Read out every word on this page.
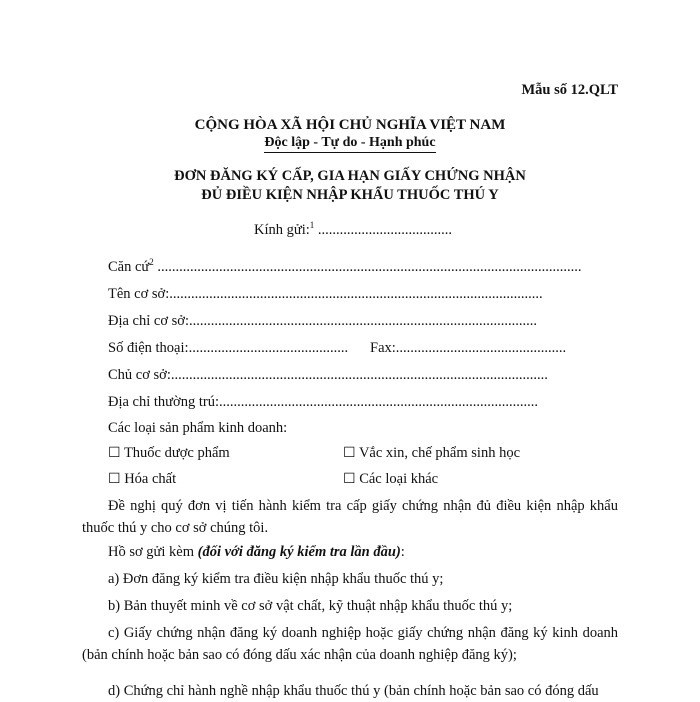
Mẫu số 12.QLT
CỘNG HÒA XÃ HỘI CHỦ NGHĨA VIỆT NAM
Độc lập - Tự do - Hạnh phúc
ĐƠN ĐĂNG KÝ CẤP, GIA HẠN GIẤY CHỨNG NHẬN
ĐỦ ĐIỀU KIỆN NHẬP KHẨU THUỐC THÚ Y
Kính gửi:$^1$ .....................................
Căn cứ$^2$ .....................................................................................................................
Tên cơ sở:.......................................................................................................
Địa chỉ cơ sở:................................................................................................
Số điện thoại:............................................ Fax:...............................................
Chủ cơ sở:........................................................................................................
Địa chỉ thường trú:........................................................................................
Các loại sản phẩm kinh doanh:
☐ Thuốc dược phẩm	☐ Vắc xin, chế phẩm sinh học
☐ Hóa chất	☐ Các loại khác
Đề nghị quý đơn vị tiến hành kiểm tra cấp giấy chứng nhận đủ điều kiện nhập khẩu thuốc thú y cho cơ sở chúng tôi.
Hồ sơ gửi kèm (đối với đăng ký kiểm tra lần đầu):
a) Đơn đăng ký kiểm tra điều kiện nhập khẩu thuốc thú y;
b) Bản thuyết minh về cơ sở vật chất, kỹ thuật nhập khẩu thuốc thú y;
c) Giấy chứng nhận đăng ký doanh nghiệp hoặc giấy chứng nhận đăng ký kinh doanh (bản chính hoặc bản sao có đóng dấu xác nhận của doanh nghiệp đăng ký);
d) Chứng chỉ hành nghề nhập khẩu thuốc thú y (bản chính hoặc bản sao có đóng dấu
